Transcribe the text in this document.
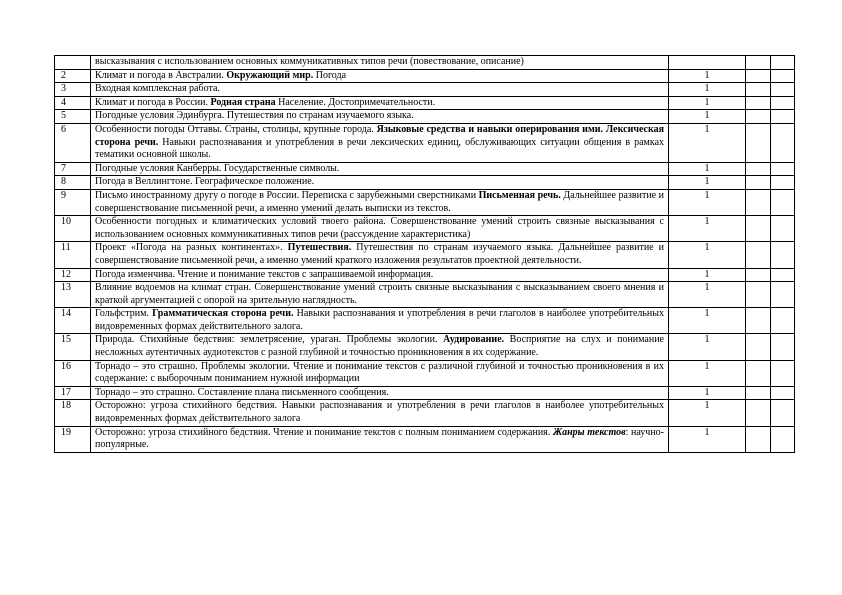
	высказывания с использованием основных коммуникативных типов речи (повествование, описание)			
2	Климат и погода в Австралии. Окружающий мир. Погода	1		
3	Входная комплексная работа.	1		
4	Климат и погода в России. Родная страна Население. Достопримечательности.	1		
5	Погодные условия Эдинбурга. Путешествия по странам изучаемого языка.	1		
6	Особенности погоды Оттавы. Страны, столицы, крупные города. Языковые средства и навыки оперирования ими. Лексическая сторона речи. Навыки распознавания и употребления в речи лексических единиц, обслуживающих ситуации общения в рамках тематики основной школы.	1		
7	Погодные условия Канберры. Государственные символы.	1		
8	Погода в Веллингтоне. Географическое положение.	1		
9	Письмо иностранному другу о погоде в России. Переписка с зарубежными сверстниками Письменная речь. Дальнейшее развитие и совершенствование письменной речи, а именно умений делать выписки из текстов.	1		
10	Особенности погодных и климатических условий твоего района. Совершенствование умений строить связные высказывания с использованием основных коммуникативных типов речи (рассуждение характеристика)	1		
11	Проект «Погода на разных континентах». Путешествия. Путешествия по странам изучаемого языка. Дальнейшее развитие и совершенствование письменной речи, а именно умений краткого изложения результатов проектной деятельности.	1		
12	Погода изменчива. Чтение и понимание текстов с запрашиваемой информация.	1		
13	Влияние водоемов на климат стран. Совершенствование умений строить связные высказывания с высказыванием своего мнения и краткой аргументацией с опорой на зрительную наглядность.	1		
14	Гольфстрим. Грамматическая сторона речи. Навыки распознавания и употребления в речи глаголов в наиболее употребительных видовременных формах действительного залога.	1		
15	Природа. Стихийные бедствия: землетрясение, ураган. Проблемы экологии. Аудирование. Восприятие на слух и понимание несложных аутентичных аудиотекстов с разной глубиной и точностью проникновения в их содержание.	1		
16	Торнадо – это страшно. Проблемы экологии. Чтение и понимание текстов с различной глубиной и точностью проникновения в их содержание: с выборочным пониманием нужной информации	1		
17	Торнадо – это страшно. Составление плана письменного сообщения.	1		
18	Осторожно: угроза стихийного бедствия. Навыки распознавания и употребления в речи глаголов в наиболее употребительных видовременных формах действительного залога	1		
19	Осторожно: угроза стихийного бедствия. Чтение и понимание текстов с полным пониманием содержания. Жанры текстов: научно-популярные.	1		
